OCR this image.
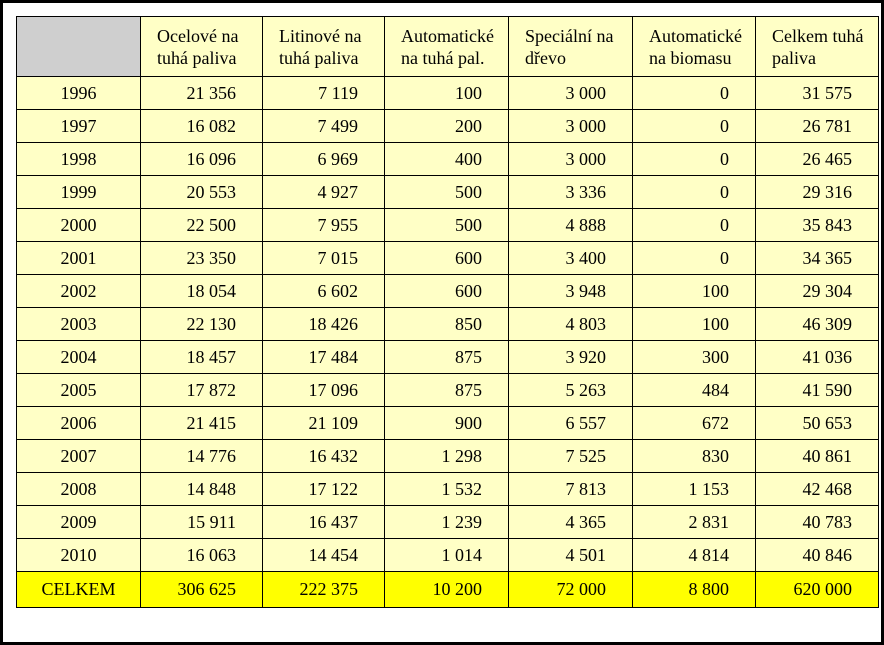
	Ocelové na tuhá paliva	Litinové na tuhá paliva	Automatické na tuhá pal.	Speciální na dřevo	Automatické na biomasu	Celkem tuhá paliva
1996	21 356	7 119	100	3 000	0	31 575
1997	16 082	7 499	200	3 000	0	26 781
1998	16 096	6 969	400	3 000	0	26 465
1999	20 553	4 927	500	3 336	0	29 316
2000	22 500	7 955	500	4 888	0	35 843
2001	23 350	7 015	600	3 400	0	34 365
2002	18 054	6 602	600	3 948	100	29 304
2003	22 130	18 426	850	4 803	100	46 309
2004	18 457	17 484	875	3 920	300	41 036
2005	17 872	17 096	875	5 263	484	41 590
2006	21 415	21 109	900	6 557	672	50 653
2007	14 776	16 432	1 298	7 525	830	40 861
2008	14 848	17 122	1 532	7 813	1 153	42 468
2009	15 911	16 437	1 239	4 365	2 831	40 783
2010	16 063	14 454	1 014	4 501	4 814	40 846
CELKEM	306 625	222 375	10 200	72 000	8 800	620 000
